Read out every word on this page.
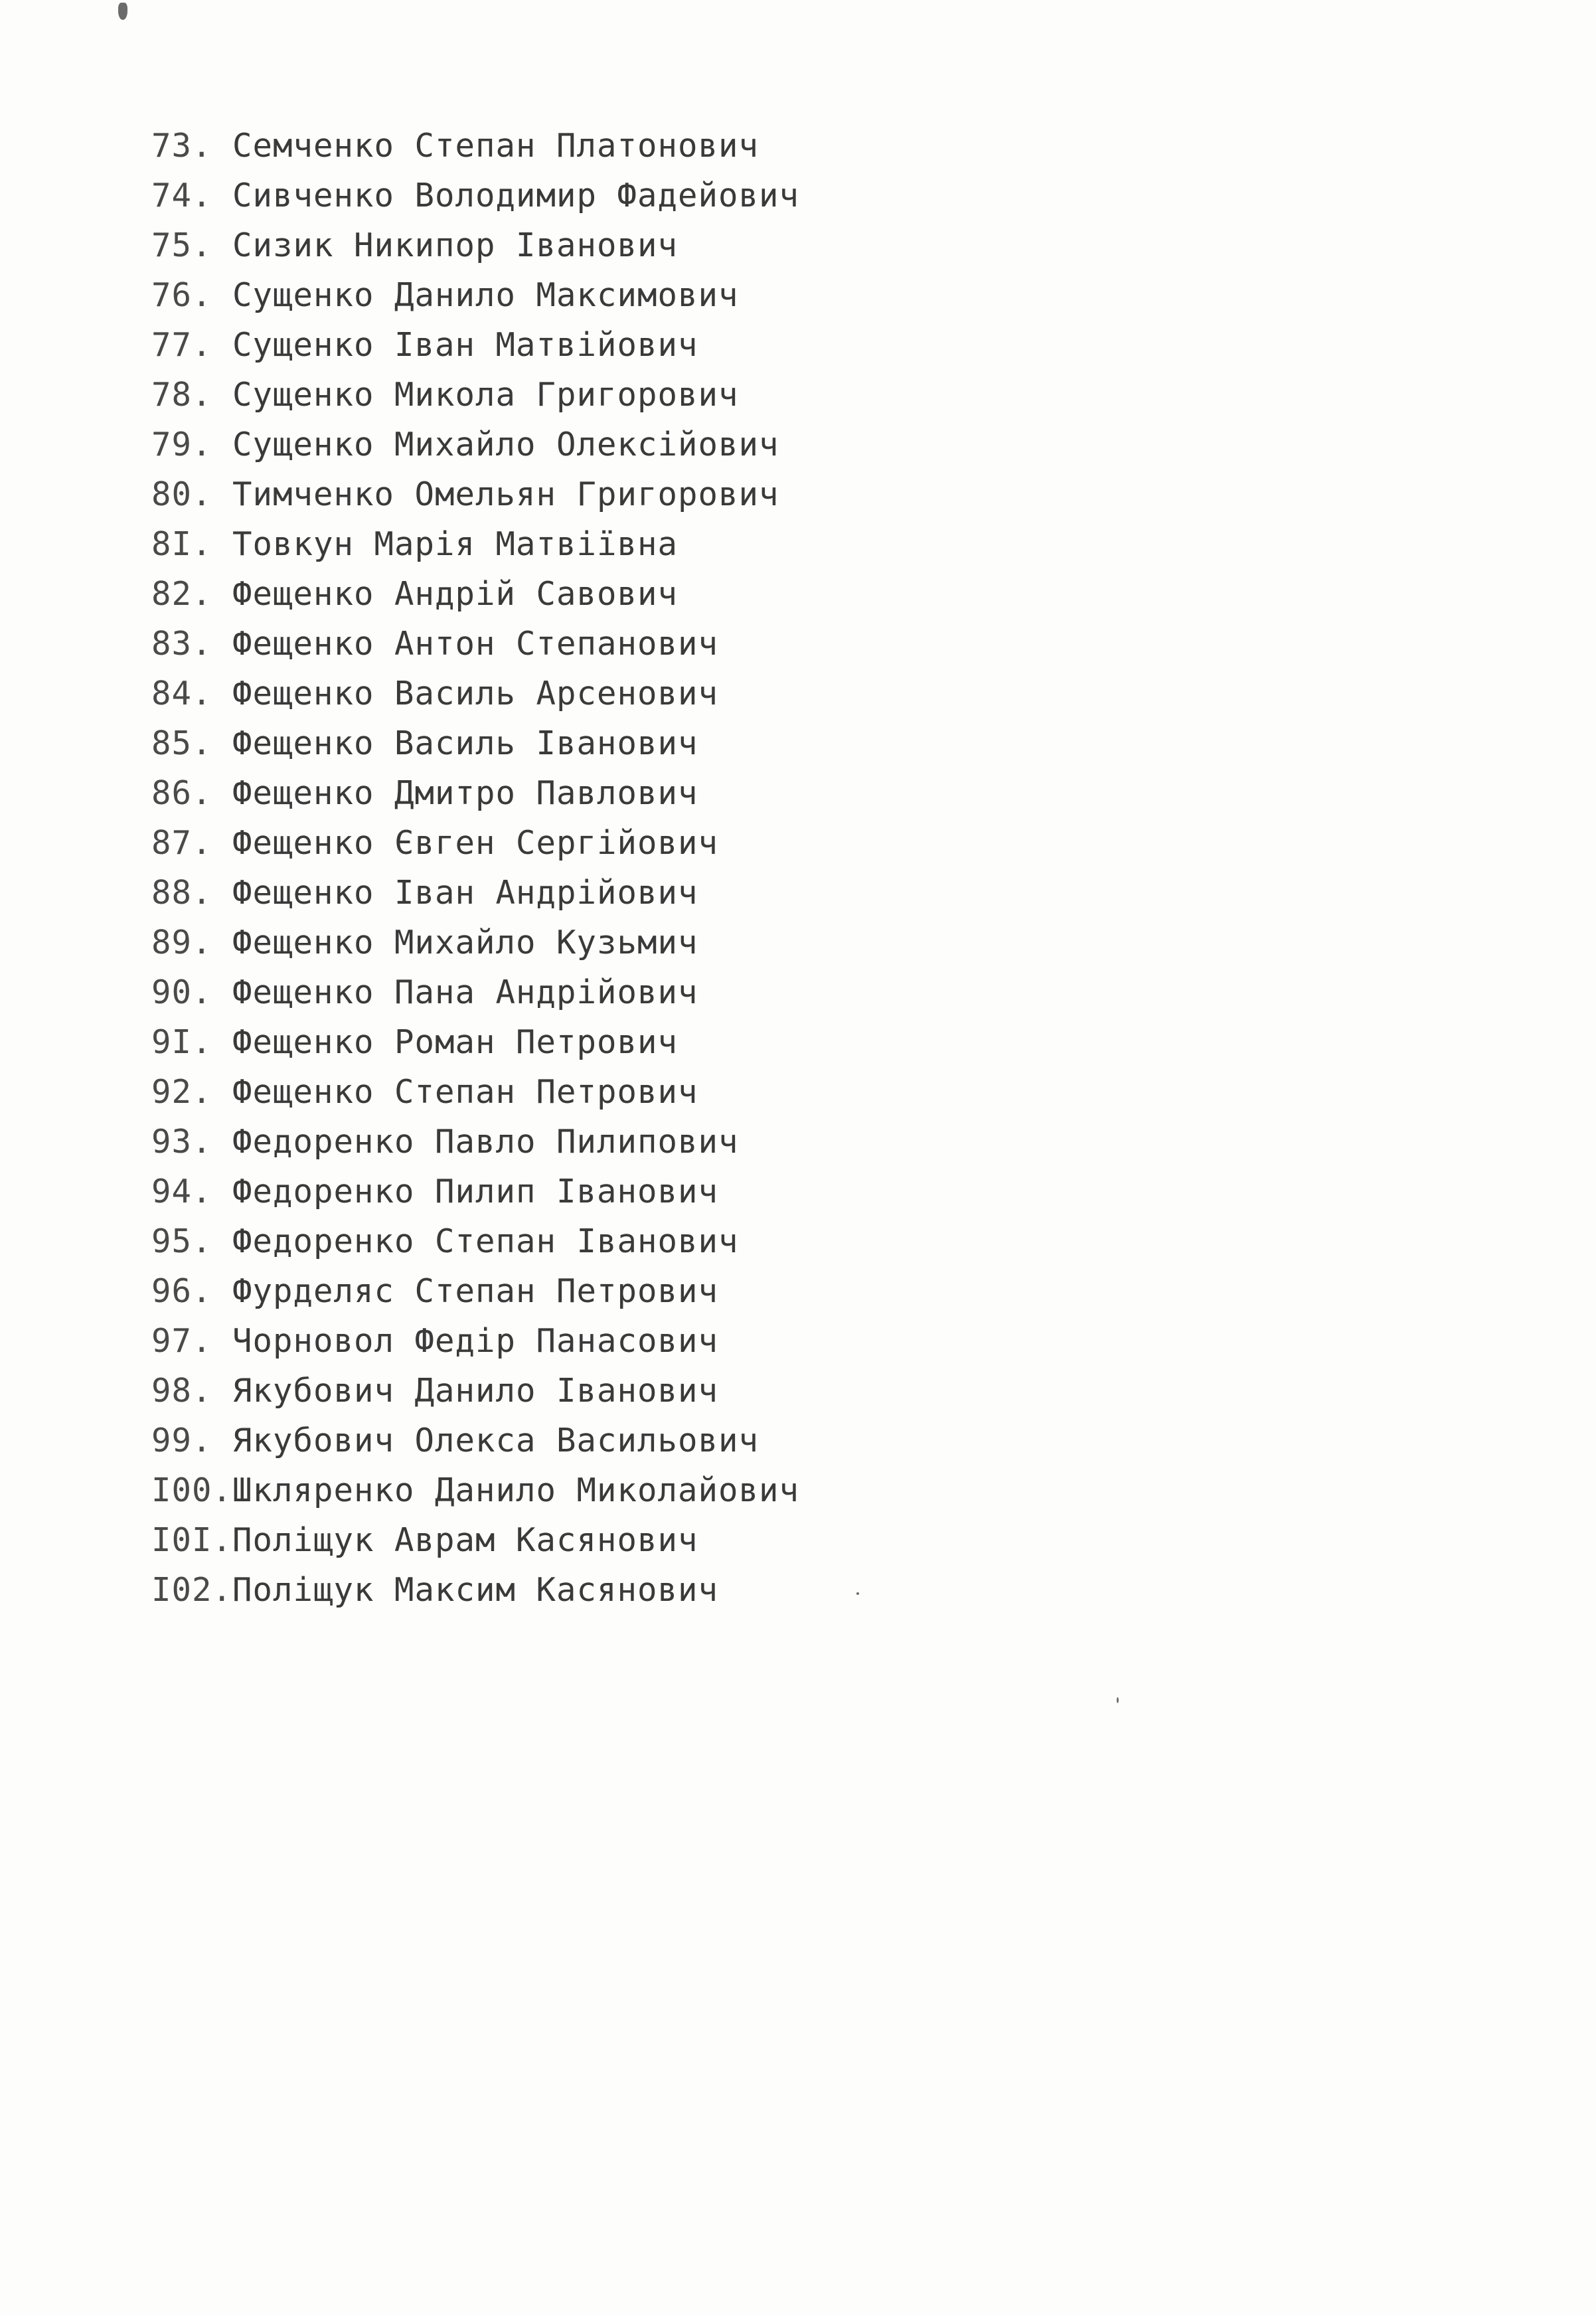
73. Семченко Степан Платонович
74. Сивченко Володимир Фадейович
75. Сизик Никипор Іванович
76. Сущенко Данило Максимович
77. Сущенко Іван Матвійович
78. Сущенко Микола Григорович
79. Сущенко Михайло Олексійович
80. Тимченко Омельян Григорович
8I. Товкун Марія Матвіївна
82. Фещенко Андрій Савович
83. Фещенко Антон Степанович
84. Фещенко Василь Арсенович
85. Фещенко Василь Іванович
86. Фещенко Дмитро Павлович
87. Фещенко Євген Сергійович
88. Фещенко Іван Андрійович
89. Фещенко Михайло Кузьмич
90. Фещенко Пана Андрійович
9I. Фещенко Роман Петрович
92. Фещенко Степан Петрович
93. Федоренко Павло Пилипович
94. Федоренко Пилип Іванович
95. Федоренко Степан Іванович
96. Фурделяс Степан Петрович
97. Чорновол Федір Панасович
98. Якубович Данило Іванович
99. Якубович Олекса Васильович
I00.Шкляренко Данило Миколайович
I0I.Поліщук Аврам Касянович
I02.Поліщук Максим Касянович
